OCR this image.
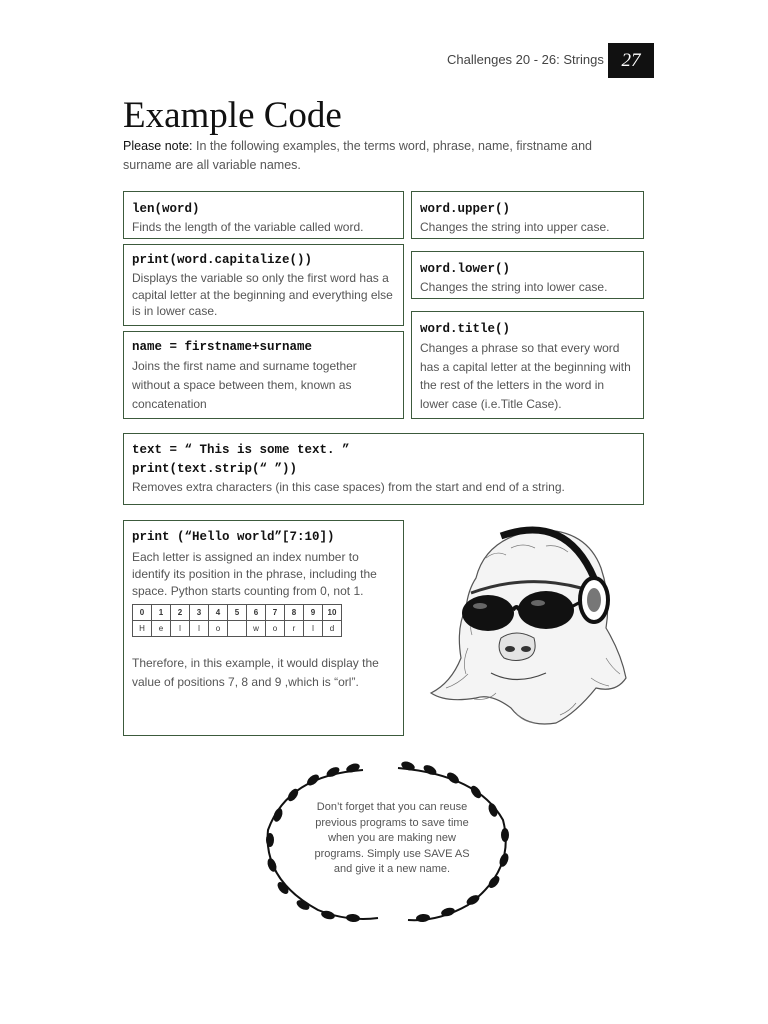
Challenges 20 - 26: Strings 27
Example Code

Please note: In the following examples, the terms word, phrase, name, firstname and surname are all variable names.

len(word)
Finds the length of the variable called word.
word.upper()
Changes the string into upper case.
print(word.capitalize())
Displays the variable so only the first word has a capital letter at the beginning and everything else is in lower case.
word.lower()
Changes the string into lower case.
word.title()
Changes a phrase so that every word has a capital letter at the beginning with the rest of the letters in the word in lower case (i.e.Title Case).
name = firstname+surname
Joins the first name and surname together without a space between them, known as concatenation
text = “ This is some text. ”
print(text.strip(“ ”))
Removes extra characters (in this case spaces) from the start and end of a string.
print (“Hello world”[7:10])
Each letter is assigned an index number to identify its position in the phrase, including the space. Python starts counting from 0, not 1.
0	1	2	3	4	5	6	7	8	9	10
H	e	l	l	o		w	o	r	l	d
Therefore, in this example, it would display the value of positions 7, 8 and 9 ,which is “orl”.
Don’t forget that you can reuse previous programs to save time when you are making new programs. Simply use SAVE AS and give it a new name.
